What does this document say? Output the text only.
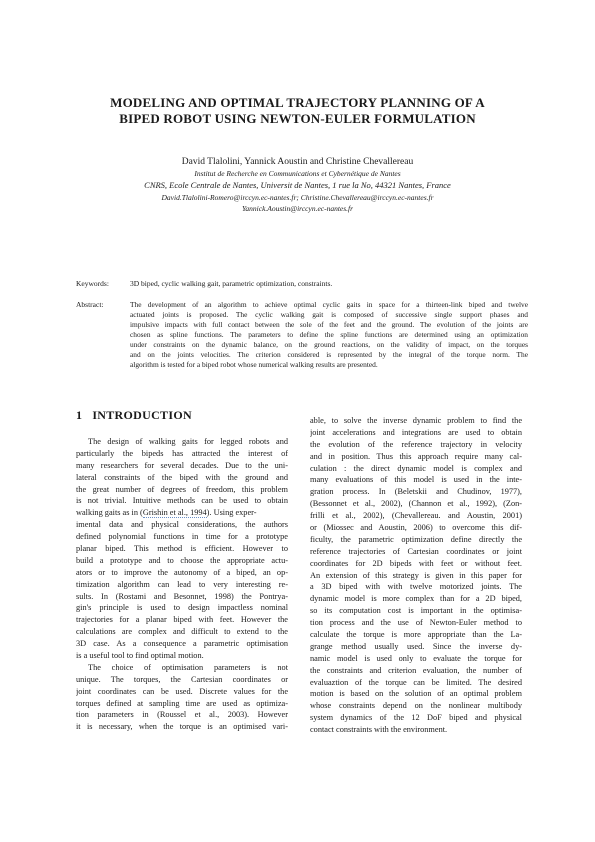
MODELING AND OPTIMAL TRAJECTORY PLANNING OF A
BIPED ROBOT USING NEWTON-EULER FORMULATION
David Tlalolini, Yannick Aoustin and Christine Chevallereau
Institut de Recherche en Communications et Cybernétique de Nantes
CNRS, Ecole Centrale de Nantes, Universit de Nantes, 1 rue la No, 44321 Nantes, France
David.Tlalolini-Romero@irccyn.ec-nantes.fr; Christine.Chevallereau@irccyn.ec-nantes.fr
Yannick.Aoustin@irccyn.ec-nantes.fr
Keywords:	3D biped, cyclic walking gait, parametric optimization, constraints.
Abstract:	The development of an algorithm to achieve optimal cyclic gaits in space for a thirteen-link biped and twelve
actuated joints is proposed. The cyclic walking gait is composed of successive single support phases and
impulsive impacts with full contact between the sole of the feet and the ground. The evolution of the joints are
chosen as spline functions. The parameters to define the spline functions are determined using an optimization
under constraints on the dynamic balance, on the ground reactions, on the validity of impact, on the torques
and on the joints velocities. The criterion considered is represented by the integral of the torque norm. The
algorithm is tested for a biped robot whose numerical walking results are presented.
1 INTRODUCTION
The design of walking gaits for legged robots and
particularly the bipeds has attracted the interest of
many researchers for several decades. Due to the uni-
lateral constraints of the biped with the ground and
the great number of degrees of freedom, this problem
is not trivial. Intuitive methods can be used to obtain
walking gaits as in (Grishin et al., 1994). Using exper-
imental data and physical considerations, the authors
defined polynomial functions in time for a prototype
planar biped. This method is efficient. However to
build a prototype and to choose the appropriate actu-
ators or to improve the autonomy of a biped, an op-
timization algorithm can lead to very interesting re-
sults. In (Rostami and Besonnet, 1998) the Pontrya-
gin's principle is used to design impactless nominal
trajectories for a planar biped with feet. However the
calculations are complex and difficult to extend to the
3D case. As a consequence a parametric optimisation
is a useful tool to find optimal motion.
The choice of optimisation parameters is not
unique. The torques, the Cartesian coordinates or
joint coordinates can be used. Discrete values for the
torques defined at sampling time are used as optimiza-
tion parameters in (Roussel et al., 2003). However
it is necessary, when the torque is an optimised vari-
able, to solve the inverse dynamic problem to find the
joint accelerations and integrations are used to obtain
the evolution of the reference trajectory in velocity
and in position. Thus this approach require many cal-
culation : the direct dynamic model is complex and
many evaluations of this model is used in the inte-
gration process. In (Beletskii and Chudinov, 1977),
(Bessonnet et al., 2002), (Channon et al., 1992), (Zon-
frilli et al., 2002), (Chevallereau. and Aoustin, 2001)
or (Miossec and Aoustin, 2006) to overcome this dif-
ficulty, the parametric optimization define directly the
reference trajectories of Cartesian coordinates or joint
coordinates for 2D bipeds with feet or without feet.
An extension of this strategy is given in this paper for
a 3D biped with with twelve motorized joints. The
dynamic model is more complex than for a 2D biped,
so its computation cost is important in the optimisa-
tion process and the use of Newton-Euler method to
calculate the torque is more appropriate than the La-
grange method usually used. Since the inverse dy-
namic model is used only to evaluate the torque for
the constraints and criterion evaluation, the number of
evaluaztion of the torque can be limited. The desired
motion is based on the solution of an optimal problem
whose constraints depend on the nonlinear multibody
system dynamics of the 12 DoF biped and physical
contact constraints with the environment.
